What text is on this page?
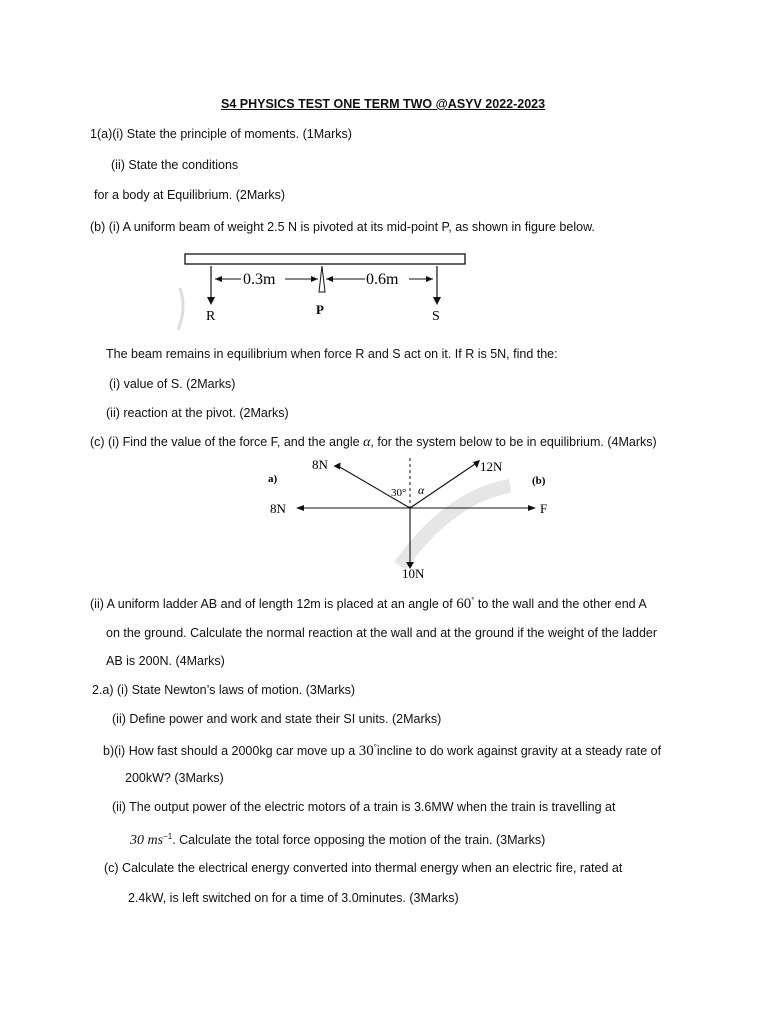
S4 PHYSICS TEST ONE TERM TWO @ASYV 2022-2023
1(a)(i) State the principle of moments. (1Marks)
(ii) State the conditions
for a body at Equilibrium. (2Marks)
(b) (i) A uniform beam of weight 2.5 N is pivoted at its mid-point P, as shown in figure below.
0.3m	0.6m
R	P	S
The beam remains in equilibrium when force R and S act on it. If R is 5N, find the:
(i) value of S. (2Marks)
(ii) reaction at the pivot. (2Marks)
(c) (i) Find the value of the force F, and the angle α, for the system below to be in equilibrium. (4Marks)
a)	(b)
8N	12N
30° α
8N	F
10N
(ii) A uniform ladder AB and of length 12m is placed at an angle of 60° to the wall and the other end A
on the ground. Calculate the normal reaction at the wall and at the ground if the weight of the ladder
AB is 200N. (4Marks)
2.a) (i) State Newton’s laws of motion. (3Marks)
(ii) Define power and work and state their SI units. (2Marks)
b)(i) How fast should a 2000kg car move up a 30°incline to do work against gravity at a steady rate of
200kW? (3Marks)
(ii) The output power of the electric motors of a train is 3.6MW when the train is travelling at
30 $ms^{-1}$. Calculate the total force opposing the motion of the train. (3Marks)
(c) Calculate the electrical energy converted into thermal energy when an electric fire, rated at
2.4kW, is left switched on for a time of 3.0minutes. (3Marks)
